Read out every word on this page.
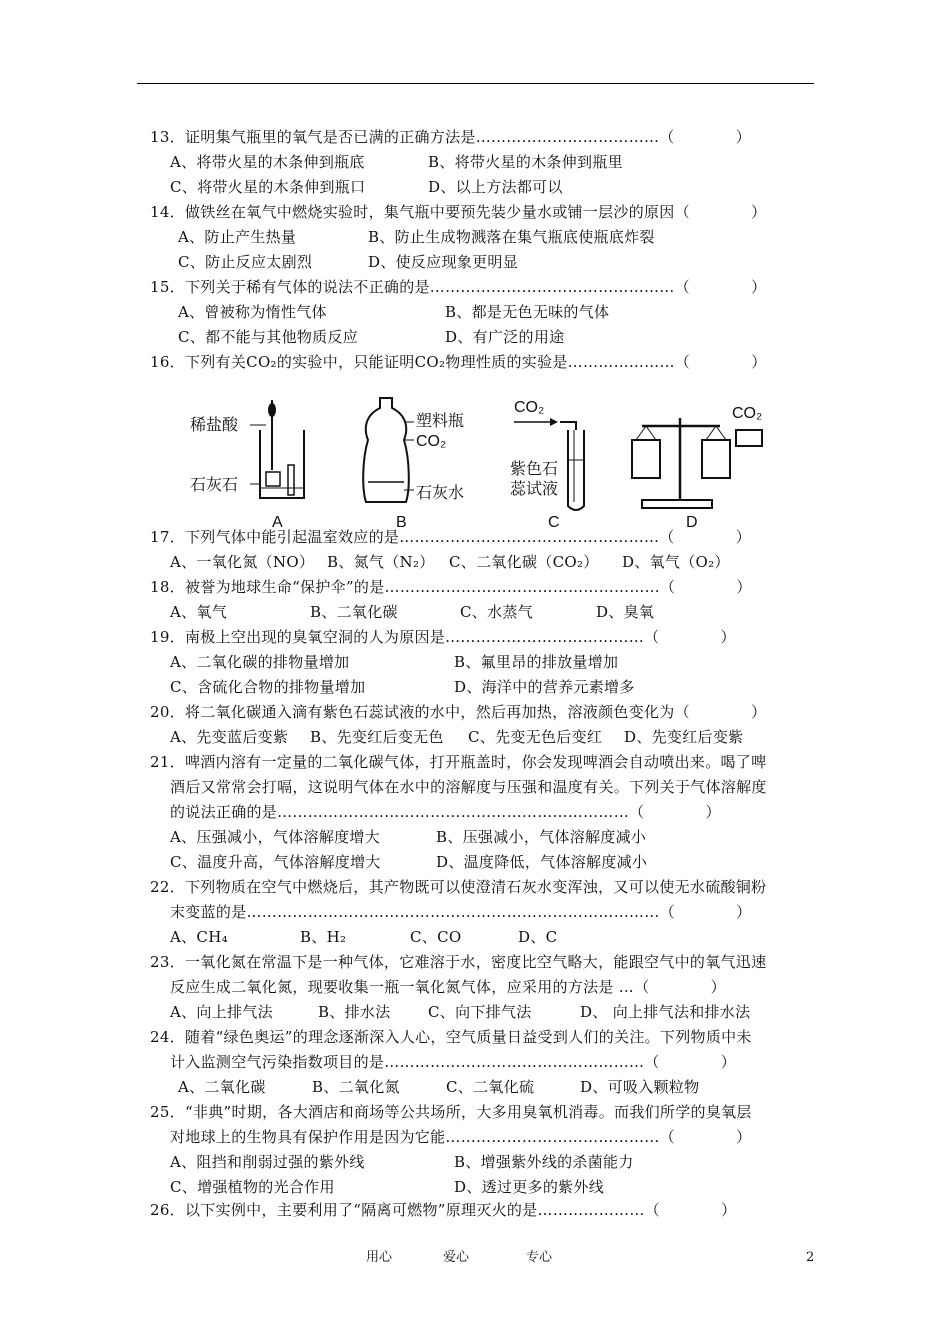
13．证明集气瓶里的氧气是否已满的正确方法是………………………………（　　　　）

A、将带火星的木条伸到瓶底

	B、将带火星的木条伸到瓶里

C、将带火星的木条伸到瓶口

	D、以上方法都可以

14．做铁丝在氧气中燃烧实验时，集气瓶中要预先装少量水或铺一层沙的原因（　　　　）

A、防止产生热量

	B、防止生成物溅落在集气瓶底使瓶底炸裂

C、防止反应太剧烈

	D、使反应现象更明显

15．下列关于稀有气体的说法不正确的是…………………………………………（　　　　）

A、曾被称为惰性气体

	B、都是无色无味的气体

C、都不能与其他物质反应

	D、有广泛的用途

16．下列有关CO₂的实验中，只能证明CO₂物理性质的实验是…………………（　　　　）
稀盐酸
石灰石
A
塑料瓶
CO₂
石灰水
B
CO₂
紫色石
蕊试液
C
CO₂
D
17．下列气体中能引起温室效应的是……………………………………………（　　　　）

A、一氧化氮（NO）

B、氮气（N₂）

C、二氧化碳（CO₂）

D、氧气（O₂）

18．被誉为地球生命“保护伞”的是………………………………………………（　　　　）

A、氧气

	B、二氧化碳

	C、水蒸气

	D、臭氧

19．南极上空出现的臭氧空洞的人为原因是…………………………………（　　　　）

A、二氧化碳的排物量增加

	B、氟里昂的排放量增加

C、含硫化合物的排物量增加

	D、海洋中的营养元素增多

20．将二氧化碳通入滴有紫色石蕊试液的水中，然后再加热，溶液颜色变化为（　　　　）

A、先变蓝后变紫

B、先变红后变无色

C、先变无色后变红

D、先变红后变紫

21．啤酒内溶有一定量的二氧化碳气体，打开瓶盖时，你会发现啤酒会自动喷出来。喝了啤
酒后又常常会打嗝，这说明气体在水中的溶解度与压强和温度有关。下列关于气体溶解度
的说法正确的是……………………………………………………………（　　　　）

A、压强减小，气体溶解度增大

	B、压强减小，气体溶解度减小

C、温度升高，气体溶解度增大

	D、温度降低，气体溶解度减小

22．下列物质在空气中燃烧后，其产物既可以使澄清石灰水变浑浊，又可以使无水硫酸铜粉
末变蓝的是………………………………………………………………………（　　　　）

A、CH₄

	B、H₂

	C、CO

	D、C

23．一氧化氮在常温下是一种气体，它难溶于水，密度比空气略大，能跟空气中的氧气迅速
反应生成二氧化氮，现要收集一瓶一氧化氮气体，应采用的方法是 …（　　　　）

A、向上排气法

	B、排水法

C、向下排气法

	D、 向上排气法和排水法

24．随着“绿色奥运”的理念逐渐深入人心，空气质量日益受到人们的关注。下列物质中未
计入监测空气污染指数项目的是……………………………………………（　　　　）

A、二氧化碳

	B、二氧化氮

	C、二氧化硫

	D、可吸入颗粒物

25．“非典”时期，各大酒店和商场等公共场所，大多用臭氧机消毒。而我们所学的臭氧层
对地球上的生物具有保护作用是因为它能……………………………………（　　　　）

A、阻挡和削弱过强的紫外线

	B、增强紫外线的杀菌能力

C、增强植物的光合作用

	D、透过更多的紫外线

26．以下实例中，主要利用了“隔离可燃物”原理灭火的是…………………（　　　　）
用心	爱心	专心	2
